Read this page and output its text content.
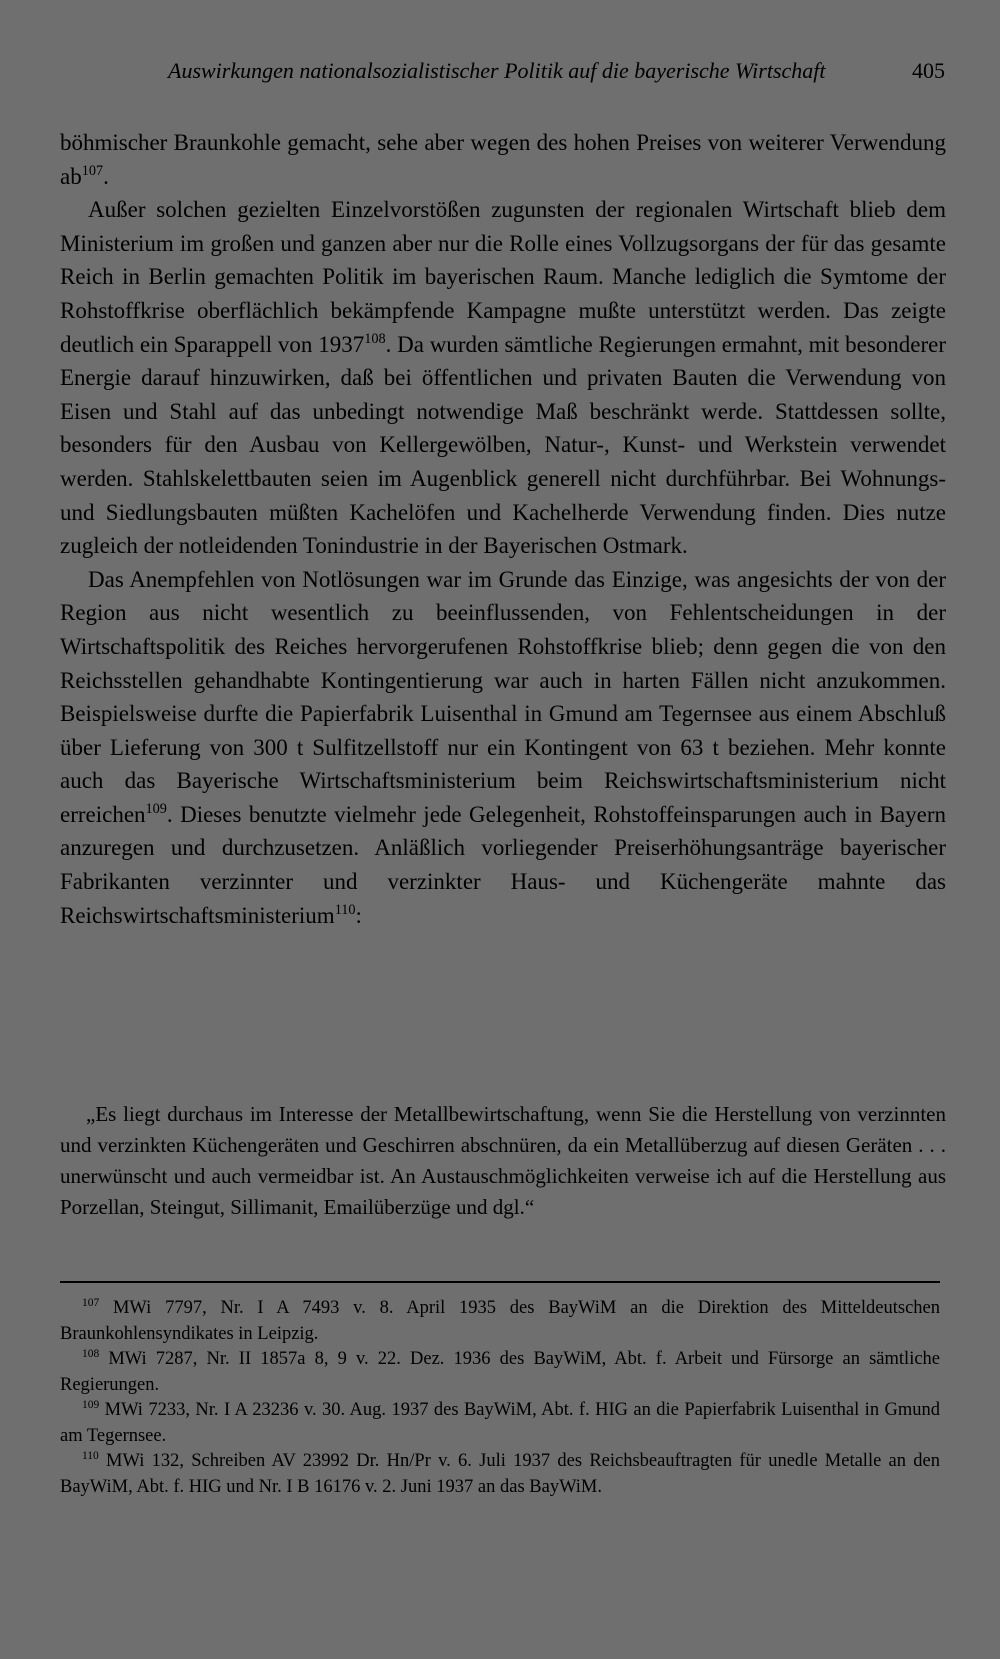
Auswirkungen nationalsozialistischer Politik auf die bayerische Wirtschaft	405

böhmischer Braunkohle gemacht, sehe aber wegen des hohen Preises von weiterer Verwendung $ab^{107}$.

Außer solchen gezielten Einzelvorstößen zugunsten der regionalen Wirtschaft blieb dem Ministerium im großen und ganzen aber nur die Rolle eines Vollzugsorgans der für das gesamte Reich in Berlin gemachten Politik im bayerischen Raum. Manche lediglich die Symtome der Rohstoffkrise oberflächlich bekämpfende Kampagne mußte unterstützt werden. Das zeigte deutlich ein Sparappell von 1937$^{108}$. Da wurden sämtliche Regierungen ermahnt, mit besonderer Energie darauf hinzuwirken, daß bei öffentlichen und privaten Bauten die Verwendung von Eisen und Stahl auf das unbedingt notwendige Maß beschränkt werde. Stattdessen sollte, besonders für den Ausbau von Kellergewölben, Natur-, Kunst- und Werkstein verwendet werden. Stahlskelettbauten seien im Augenblick generell nicht durchführbar. Bei Wohnungs- und Siedlungsbauten müßten Kachelöfen und Kachelherde Verwendung finden. Dies nutze zugleich der notleidenden Tonindustrie in der Bayerischen Ostmark.

Das Anempfehlen von Notlösungen war im Grunde das Einzige, was angesichts der von der Region aus nicht wesentlich zu beeinflussenden, von Fehlentscheidungen in der Wirtschaftspolitik des Reiches hervorgerufenen Rohstoffkrise blieb; denn gegen die von den Reichsstellen gehandhabte Kontingentierung war auch in harten Fällen nicht anzukommen. Beispielsweise durfte die Papierfabrik Luisenthal in Gmund am Tegernsee aus einem Abschluß über Lieferung von 300 t Sulfitzellstoff nur ein Kontingent von 63 t beziehen. Mehr konnte auch das Bayerische Wirtschaftsministerium beim Reichswirtschaftsministerium nicht erreichen$^{109}$. Dieses benutzte vielmehr jede Gelegenheit, Rohstoffeinsparungen auch in Bayern anzuregen und durchzusetzen. Anläßlich vorliegender Preiserhöhungsanträge bayerischer Fabrikanten verzinnter und verzinkter Haus- und Küchengeräte mahnte das Reichswirtschaftsministerium$^{110}$:

„Es liegt durchaus im Interesse der Metallbewirtschaftung, wenn Sie die Herstellung von verzinnten und verzinkten Küchengeräten und Geschirren abschnüren, da ein Metallüberzug auf diesen Geräten . . . unerwünscht und auch vermeidbar ist. An Austauschmöglichkeiten verweise ich auf die Herstellung aus Porzellan, Steingut, Sillimanit, Emailüberzüge und dgl.“

$^{107}$ MWi 7797, Nr. I A 7493 v. 8. April 1935 des BayWiM an die Direktion des Mitteldeutschen Braunkohlensyndikates in Leipzig.

$^{108}$ MWi 7287, Nr. II 1857a 8, 9 v. 22. Dez. 1936 des BayWiM, Abt. f. Arbeit und Fürsorge an sämtliche Regierungen.

$^{109}$ MWi 7233, Nr. I A 23236 v. 30. Aug. 1937 des BayWiM, Abt. f. HIG an die Papierfabrik Luisenthal in Gmund am Tegernsee.

$^{110}$ MWi 132, Schreiben AV 23992 Dr. Hn/Pr v. 6. Juli 1937 des Reichsbeauftragten für unedle Metalle an den BayWiM, Abt. f. HIG und Nr. I B 16176 v. 2. Juni 1937 an das BayWiM.
